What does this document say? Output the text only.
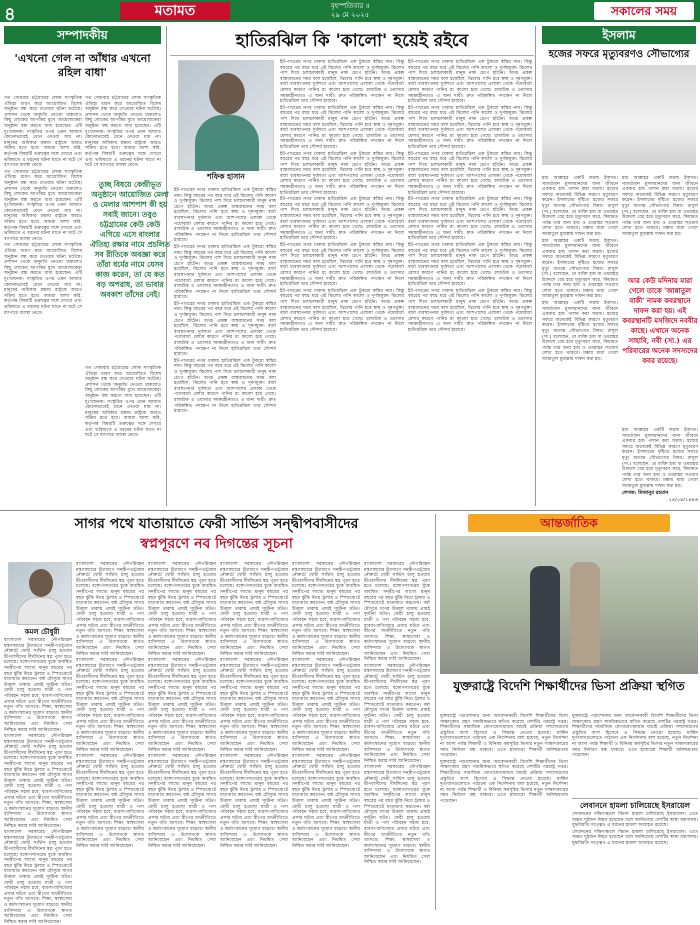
৪	মতামত	বৃহস্পতিবার ॥
২৯ মে ২০২৫	সকালের সময়
সম্পাদকীয়
'এখনো গেল না আঁধার এখনো রহিল বাধা'

গত সোমবার চট্টগ্রামের লোক সাংস্কৃতিক ঐতিহ্য ধারণ করে আয়োজিত বিশেষ অনুষ্ঠান বন্ধ করে দেওয়ার ঘটনা ঘটেছে। প্রশাসন থেকে অনুমতি নেওয়া থাকলেও কিছু লোকের আপত্তির মুখে আয়োজকেরা অনুষ্ঠান বন্ধ করতে বাধ্য হয়েছেন। এটি দুঃখজনক। সংস্কৃতির ওপর এমন আঘাত কোনোভাবেই মেনে নেওয়া যায় না। মানুষের অধিকার রক্ষায় রাষ্ট্রকে আরও সক্রিয় হতে হবে। আমরা আশা করি, কর্তৃপক্ষ বিষয়টি গুরুত্বের সঙ্গে দেখবে এবং ভবিষ্যতে এ ধরনের ঘটনা যাতে না ঘটে সে ব্যাপারে ব্যবস্থা নেবে।

গত সোমবার চট্টগ্রামের লোক সাংস্কৃতিক ঐতিহ্য ধারণ করে আয়োজিত বিশেষ অনুষ্ঠান বন্ধ করে দেওয়ার ঘটনা ঘটেছে। প্রশাসন থেকে অনুমতি নেওয়া থাকলেও কিছু লোকের আপত্তির মুখে আয়োজকেরা অনুষ্ঠান বন্ধ করতে বাধ্য হয়েছেন। এটি দুঃখজনক। সংস্কৃতির ওপর এমন আঘাত কোনোভাবেই মেনে নেওয়া যায় না। মানুষের অধিকার রক্ষায় রাষ্ট্রকে আরও সক্রিয় হতে হবে। আমরা আশা করি, কর্তৃপক্ষ বিষয়টি গুরুত্বের সঙ্গে দেখবে এবং ভবিষ্যতে এ ধরনের ঘটনা যাতে না ঘটে সে ব্যাপারে ব্যবস্থা নেবে।

গত সোমবার চট্টগ্রামের লোক সাংস্কৃতিক ঐতিহ্য ধারণ করে আয়োজিত বিশেষ অনুষ্ঠান বন্ধ করে দেওয়ার ঘটনা ঘটেছে। প্রশাসন থেকে অনুমতি নেওয়া থাকলেও কিছু লোকের আপত্তির মুখে আয়োজকেরা অনুষ্ঠান বন্ধ করতে বাধ্য হয়েছেন। এটি দুঃখজনক। সংস্কৃতির ওপর এমন আঘাত কোনোভাবেই মেনে নেওয়া যায় না। মানুষের অধিকার রক্ষায় রাষ্ট্রকে আরও সক্রিয় হতে হবে। আমরা আশা করি, কর্তৃপক্ষ বিষয়টি গুরুত্বের সঙ্গে দেখবে এবং ভবিষ্যতে এ ধরনের ঘটনা যাতে না ঘটে সে ব্যাপারে ব্যবস্থা নেবে।

গত সোমবার চট্টগ্রামের লোক সাংস্কৃতিক ঐতিহ্য ধারণ করে আয়োজিত বিশেষ অনুষ্ঠান বন্ধ করে দেওয়ার ঘটনা ঘটেছে। প্রশাসন থেকে অনুমতি নেওয়া থাকলেও কিছু লোকের আপত্তির মুখে আয়োজকেরা অনুষ্ঠান বন্ধ করতে বাধ্য হয়েছেন। এটি দুঃখজনক। সংস্কৃতির ওপর এমন আঘাত কোনোভাবেই মেনে নেওয়া যায় না। মানুষের অধিকার রক্ষায় রাষ্ট্রকে আরও সক্রিয় হতে হবে। আমরা আশা করি, কর্তৃপক্ষ বিষয়টি গুরুত্বের সঙ্গে দেখবে এবং ভবিষ্যতে এ ধরনের ঘটনা যাতে না ঘটে সে ব্যাপারে ব্যবস্থা নেবে।

গত সোমবার চট্টগ্রামের লোক সাংস্কৃতিক ঐতিহ্য ধারণ করে আয়োজিত বিশেষ অনুষ্ঠান বন্ধ করে দেওয়ার ঘটনা ঘটেছে। প্রশাসন থেকে অনুমতি নেওয়া থাকলেও কিছু লোকের আপত্তির মুখে আয়োজকেরা অনুষ্ঠান বন্ধ করতে বাধ্য হয়েছেন। এটি দুঃখজনক। সংস্কৃতির ওপর এমন আঘাত কোনোভাবেই মেনে নেওয়া যায় না। মানুষের অধিকার রক্ষায় রাষ্ট্রকে আরও সক্রিয় হতে হবে। আমরা আশা করি, কর্তৃপক্ষ বিষয়টি গুরুত্বের সঙ্গে দেখবে এবং ভবিষ্যতে এ ধরনের ঘটনা যাতে না ঘটে সে ব্যাপারে ব্যবস্থা নেবে।

তুচ্ছ বিষয়ে কেন্দ্রীভূত অনুষ্ঠানে আয়োজিত মেলা ও মেলার আশপাশ কী হয় সবাই জানে। তবুও চট্টগ্রামের কেউ কেউ এগিয়ে এসে বাংলার ঐতিহ্য রক্ষার নামে প্রচলিত সব রীতিকে অবজ্ঞা করে তাঁরা ধর্মের নামে যেসব কাজ করেন, তা যে কত বড় অপরাধ, তা ভাবার অবকাশ তাঁদের নেই।
হাতিরঝিল কি 'কালো' হয়েই রইবে
শফিক হাসান

ইট-পাথরের নগর ঢাকায় হাতিরঝিল এক টুকরো স্বস্তির নাম। কিন্তু বছরের পর বছর ধরে এই ঝিলের পানি কালো ও দুর্গন্ধযুক্ত। ঝিলের পাশ দিয়ে চলাচলকারী মানুষ নাক চেপে হাঁটেন। অথচ প্রকল্প বাস্তবায়নের সময় বলা হয়েছিল, ঝিলের পানি হবে স্বচ্ছ ও দূষণমুক্ত। বর্জ্য ব্যবস্থাপনার দুর্বলতা এবং আশপাশের এলাকা থেকে পয়োবর্জ্য মেশার কারণে পানির রং কালো হয়ে গেছে। রাজউক ও ওয়াসার সমন্বয়হীনতাও এ জন্য দায়ী। দ্রুত পরিকল্পিত পদক্ষেপ না নিলে হাতিরঝিল তার সৌন্দর্য হারাবে।

ইট-পাথরের নগর ঢাকায় হাতিরঝিল এক টুকরো স্বস্তির নাম। কিন্তু বছরের পর বছর ধরে এই ঝিলের পানি কালো ও দুর্গন্ধযুক্ত। ঝিলের পাশ দিয়ে চলাচলকারী মানুষ নাক চেপে হাঁটেন। অথচ প্রকল্প বাস্তবায়নের সময় বলা হয়েছিল, ঝিলের পানি হবে স্বচ্ছ ও দূষণমুক্ত। বর্জ্য ব্যবস্থাপনার দুর্বলতা এবং আশপাশের এলাকা থেকে পয়োবর্জ্য মেশার কারণে পানির রং কালো হয়ে গেছে। রাজউক ও ওয়াসার সমন্বয়হীনতাও এ জন্য দায়ী। দ্রুত পরিকল্পিত পদক্ষেপ না নিলে হাতিরঝিল তার সৌন্দর্য হারাবে।

ইট-পাথরের নগর ঢাকায় হাতিরঝিল এক টুকরো স্বস্তির নাম। কিন্তু বছরের পর বছর ধরে এই ঝিলের পানি কালো ও দুর্গন্ধযুক্ত। ঝিলের পাশ দিয়ে চলাচলকারী মানুষ নাক চেপে হাঁটেন। অথচ প্রকল্প বাস্তবায়নের সময় বলা হয়েছিল, ঝিলের পানি হবে স্বচ্ছ ও দূষণমুক্ত। বর্জ্য ব্যবস্থাপনার দুর্বলতা এবং আশপাশের এলাকা থেকে পয়োবর্জ্য মেশার কারণে পানির রং কালো হয়ে গেছে। রাজউক ও ওয়াসার সমন্বয়হীনতাও এ জন্য দায়ী। দ্রুত পরিকল্পিত পদক্ষেপ না নিলে হাতিরঝিল তার সৌন্দর্য হারাবে।

ইট-পাথরের নগর ঢাকায় হাতিরঝিল এক টুকরো স্বস্তির নাম। কিন্তু বছরের পর বছর ধরে এই ঝিলের পানি কালো ও দুর্গন্ধযুক্ত। ঝিলের পাশ দিয়ে চলাচলকারী মানুষ নাক চেপে হাঁটেন। অথচ প্রকল্প বাস্তবায়নের সময় বলা হয়েছিল, ঝিলের পানি হবে স্বচ্ছ ও দূষণমুক্ত। বর্জ্য ব্যবস্থাপনার দুর্বলতা এবং আশপাশের এলাকা থেকে পয়োবর্জ্য মেশার কারণে পানির রং কালো হয়ে গেছে। রাজউক ও ওয়াসার সমন্বয়হীনতাও এ জন্য দায়ী। দ্রুত পরিকল্পিত পদক্ষেপ না নিলে হাতিরঝিল তার সৌন্দর্য হারাবে।

ইট-পাথরের নগর ঢাকায় হাতিরঝিল এক টুকরো স্বস্তির নাম। কিন্তু বছরের পর বছর ধরে এই ঝিলের পানি কালো ও দুর্গন্ধযুক্ত। ঝিলের পাশ দিয়ে চলাচলকারী মানুষ নাক চেপে হাঁটেন। অথচ প্রকল্প বাস্তবায়নের সময় বলা হয়েছিল, ঝিলের পানি হবে স্বচ্ছ ও দূষণমুক্ত। বর্জ্য ব্যবস্থাপনার দুর্বলতা এবং আশপাশের এলাকা থেকে পয়োবর্জ্য মেশার কারণে পানির রং কালো হয়ে গেছে। রাজউক ও ওয়াসার সমন্বয়হীনতাও এ জন্য দায়ী। দ্রুত পরিকল্পিত পদক্ষেপ না নিলে হাতিরঝিল তার সৌন্দর্য হারাবে।

ইট-পাথরের নগর ঢাকায় হাতিরঝিল এক টুকরো স্বস্তির নাম। কিন্তু বছরের পর বছর ধরে এই ঝিলের পানি কালো ও দুর্গন্ধযুক্ত। ঝিলের পাশ দিয়ে চলাচলকারী মানুষ নাক চেপে হাঁটেন। অথচ প্রকল্প বাস্তবায়নের সময় বলা হয়েছিল, ঝিলের পানি হবে স্বচ্ছ ও দূষণমুক্ত। বর্জ্য ব্যবস্থাপনার দুর্বলতা এবং আশপাশের এলাকা থেকে পয়োবর্জ্য মেশার কারণে পানির রং কালো হয়ে গেছে। রাজউক ও ওয়াসার সমন্বয়হীনতাও এ জন্য দায়ী। দ্রুত পরিকল্পিত পদক্ষেপ না নিলে হাতিরঝিল তার সৌন্দর্য হারাবে।

ইট-পাথরের নগর ঢাকায় হাতিরঝিল এক টুকরো স্বস্তির নাম। কিন্তু বছরের পর বছর ধরে এই ঝিলের পানি কালো ও দুর্গন্ধযুক্ত। ঝিলের পাশ দিয়ে চলাচলকারী মানুষ নাক চেপে হাঁটেন। অথচ প্রকল্প বাস্তবায়নের সময় বলা হয়েছিল, ঝিলের পানি হবে স্বচ্ছ ও দূষণমুক্ত। বর্জ্য ব্যবস্থাপনার দুর্বলতা এবং আশপাশের এলাকা থেকে পয়োবর্জ্য মেশার কারণে পানির রং কালো হয়ে গেছে। রাজউক ও ওয়াসার সমন্বয়হীনতাও এ জন্য দায়ী। দ্রুত পরিকল্পিত পদক্ষেপ না নিলে হাতিরঝিল তার সৌন্দর্য হারাবে।

ইট-পাথরের নগর ঢাকায় হাতিরঝিল এক টুকরো স্বস্তির নাম। কিন্তু বছরের পর বছর ধরে এই ঝিলের পানি কালো ও দুর্গন্ধযুক্ত। ঝিলের পাশ দিয়ে চলাচলকারী মানুষ নাক চেপে হাঁটেন। অথচ প্রকল্প বাস্তবায়নের সময় বলা হয়েছিল, ঝিলের পানি হবে স্বচ্ছ ও দূষণমুক্ত। বর্জ্য ব্যবস্থাপনার দুর্বলতা এবং আশপাশের এলাকা থেকে পয়োবর্জ্য মেশার কারণে পানির রং কালো হয়ে গেছে। রাজউক ও ওয়াসার সমন্বয়হীনতাও এ জন্য দায়ী। দ্রুত পরিকল্পিত পদক্ষেপ না নিলে হাতিরঝিল তার সৌন্দর্য হারাবে।

ইট-পাথরের নগর ঢাকায় হাতিরঝিল এক টুকরো স্বস্তির নাম। কিন্তু বছরের পর বছর ধরে এই ঝিলের পানি কালো ও দুর্গন্ধযুক্ত। ঝিলের পাশ দিয়ে চলাচলকারী মানুষ নাক চেপে হাঁটেন। অথচ প্রকল্প বাস্তবায়নের সময় বলা হয়েছিল, ঝিলের পানি হবে স্বচ্ছ ও দূষণমুক্ত। বর্জ্য ব্যবস্থাপনার দুর্বলতা এবং আশপাশের এলাকা থেকে পয়োবর্জ্য মেশার কারণে পানির রং কালো হয়ে গেছে। রাজউক ও ওয়াসার সমন্বয়হীনতাও এ জন্য দায়ী। দ্রুত পরিকল্পিত পদক্ষেপ না নিলে হাতিরঝিল তার সৌন্দর্য হারাবে।

ইট-পাথরের নগর ঢাকায় হাতিরঝিল এক টুকরো স্বস্তির নাম। কিন্তু বছরের পর বছর ধরে এই ঝিলের পানি কালো ও দুর্গন্ধযুক্ত। ঝিলের পাশ দিয়ে চলাচলকারী মানুষ নাক চেপে হাঁটেন। অথচ প্রকল্প বাস্তবায়নের সময় বলা হয়েছিল, ঝিলের পানি হবে স্বচ্ছ ও দূষণমুক্ত। বর্জ্য ব্যবস্থাপনার দুর্বলতা এবং আশপাশের এলাকা থেকে পয়োবর্জ্য মেশার কারণে পানির রং কালো হয়ে গেছে। রাজউক ও ওয়াসার সমন্বয়হীনতাও এ জন্য দায়ী। দ্রুত পরিকল্পিত পদক্ষেপ না নিলে হাতিরঝিল তার সৌন্দর্য হারাবে।

ইট-পাথরের নগর ঢাকায় হাতিরঝিল এক টুকরো স্বস্তির নাম। কিন্তু বছরের পর বছর ধরে এই ঝিলের পানি কালো ও দুর্গন্ধযুক্ত। ঝিলের পাশ দিয়ে চলাচলকারী মানুষ নাক চেপে হাঁটেন। অথচ প্রকল্প বাস্তবায়নের সময় বলা হয়েছিল, ঝিলের পানি হবে স্বচ্ছ ও দূষণমুক্ত। বর্জ্য ব্যবস্থাপনার দুর্বলতা এবং আশপাশের এলাকা থেকে পয়োবর্জ্য মেশার কারণে পানির রং কালো হয়ে গেছে। রাজউক ও ওয়াসার সমন্বয়হীনতাও এ জন্য দায়ী। দ্রুত পরিকল্পিত পদক্ষেপ না নিলে হাতিরঝিল তার সৌন্দর্য হারাবে।

ইট-পাথরের নগর ঢাকায় হাতিরঝিল এক টুকরো স্বস্তির নাম। কিন্তু বছরের পর বছর ধরে এই ঝিলের পানি কালো ও দুর্গন্ধযুক্ত। ঝিলের পাশ দিয়ে চলাচলকারী মানুষ নাক চেপে হাঁটেন। অথচ প্রকল্প বাস্তবায়নের সময় বলা হয়েছিল, ঝিলের পানি হবে স্বচ্ছ ও দূষণমুক্ত। বর্জ্য ব্যবস্থাপনার দুর্বলতা এবং আশপাশের এলাকা থেকে পয়োবর্জ্য মেশার কারণে পানির রং কালো হয়ে গেছে। রাজউক ও ওয়াসার সমন্বয়হীনতাও এ জন্য দায়ী। দ্রুত পরিকল্পিত পদক্ষেপ না নিলে হাতিরঝিল তার সৌন্দর্য হারাবে।

ইট-পাথরের নগর ঢাকায় হাতিরঝিল এক টুকরো স্বস্তির নাম। কিন্তু বছরের পর বছর ধরে এই ঝিলের পানি কালো ও দুর্গন্ধযুক্ত। ঝিলের পাশ দিয়ে চলাচলকারী মানুষ নাক চেপে হাঁটেন। অথচ প্রকল্প বাস্তবায়নের সময় বলা হয়েছিল, ঝিলের পানি হবে স্বচ্ছ ও দূষণমুক্ত। বর্জ্য ব্যবস্থাপনার দুর্বলতা এবং আশপাশের এলাকা থেকে পয়োবর্জ্য মেশার কারণে পানির রং কালো হয়ে গেছে। রাজউক ও ওয়াসার সমন্বয়হীনতাও এ জন্য দায়ী। দ্রুত পরিকল্পিত পদক্ষেপ না নিলে হাতিরঝিল তার সৌন্দর্য হারাবে।

ইট-পাথরের নগর ঢাকায় হাতিরঝিল এক টুকরো স্বস্তির নাম। কিন্তু বছরের পর বছর ধরে এই ঝিলের পানি কালো ও দুর্গন্ধযুক্ত। ঝিলের পাশ দিয়ে চলাচলকারী মানুষ নাক চেপে হাঁটেন। অথচ প্রকল্প বাস্তবায়নের সময় বলা হয়েছিল, ঝিলের পানি হবে স্বচ্ছ ও দূষণমুক্ত। বর্জ্য ব্যবস্থাপনার দুর্বলতা এবং আশপাশের এলাকা থেকে পয়োবর্জ্য মেশার কারণে পানির রং কালো হয়ে গেছে। রাজউক ও ওয়াসার সমন্বয়হীনতাও এ জন্য দায়ী। দ্রুত পরিকল্পিত পদক্ষেপ না নিলে হাতিরঝিল তার সৌন্দর্য হারাবে।

ইট-পাথরের নগর ঢাকায় হাতিরঝিল এক টুকরো স্বস্তির নাম। কিন্তু বছরের পর বছর ধরে এই ঝিলের পানি কালো ও দুর্গন্ধযুক্ত। ঝিলের পাশ দিয়ে চলাচলকারী মানুষ নাক চেপে হাঁটেন। অথচ প্রকল্প বাস্তবায়নের সময় বলা হয়েছিল, ঝিলের পানি হবে স্বচ্ছ ও দূষণমুক্ত। বর্জ্য ব্যবস্থাপনার দুর্বলতা এবং আশপাশের এলাকা থেকে পয়োবর্জ্য মেশার কারণে পানির রং কালো হয়ে গেছে। রাজউক ও ওয়াসার সমন্বয়হীনতাও এ জন্য দায়ী। দ্রুত পরিকল্পিত পদক্ষেপ না নিলে হাতিরঝিল তার সৌন্দর্য হারাবে।

ইট-পাথরের নগর ঢাকায় হাতিরঝিল এক টুকরো স্বস্তির নাম। কিন্তু বছরের পর বছর ধরে এই ঝিলের পানি কালো ও দুর্গন্ধযুক্ত। ঝিলের পাশ দিয়ে চলাচলকারী মানুষ নাক চেপে হাঁটেন। অথচ প্রকল্প বাস্তবায়নের সময় বলা হয়েছিল, ঝিলের পানি হবে স্বচ্ছ ও দূষণমুক্ত। বর্জ্য ব্যবস্থাপনার দুর্বলতা এবং আশপাশের এলাকা থেকে পয়োবর্জ্য মেশার কারণে পানির রং কালো হয়ে গেছে। রাজউক ও ওয়াসার সমন্বয়হীনতাও এ জন্য দায়ী। দ্রুত পরিকল্পিত পদক্ষেপ না নিলে হাতিরঝিল তার সৌন্দর্য হারাবে।

ইসলাম
হজের সফরে মৃত্যুবরণও সৌভাগ্যের

হজ আল্লাহর একটি ফরজ ইবাদত। সামর্থ্যবান মুসলমানদের জন্য জীবনে একবার হজ পালন করা ফরজ। হজের সফরে অনেকেই বিভিন্ন কারণে মৃত্যুবরণ করেন। ইসলামের দৃষ্টিতে হজের সফরে মৃত্যু অত্যন্ত সৌভাগ্যের বিষয়। রাসুল (সা.) বলেছেন, যে ব্যক্তি হজ বা ওমরাহর উদ্দেশে বের হয়ে মৃত্যুবরণ করে, কিয়ামত পর্যন্ত তার জন্য হজ ও ওমরাহর সওয়াব লেখা হতে থাকবে। মক্কায় মারা গেলে জান্নাতুল মুয়াল্লায় দাফন করা হয়।

হজ আল্লাহর একটি ফরজ ইবাদত। সামর্থ্যবান মুসলমানদের জন্য জীবনে একবার হজ পালন করা ফরজ। হজের সফরে অনেকেই বিভিন্ন কারণে মৃত্যুবরণ করেন। ইসলামের দৃষ্টিতে হজের সফরে মৃত্যু অত্যন্ত সৌভাগ্যের বিষয়। রাসুল (সা.) বলেছেন, যে ব্যক্তি হজ বা ওমরাহর উদ্দেশে বের হয়ে মৃত্যুবরণ করে, কিয়ামত পর্যন্ত তার জন্য হজ ও ওমরাহর সওয়াব লেখা হতে থাকবে। মক্কায় মারা গেলে জান্নাতুল মুয়াল্লায় দাফন করা হয়।

হজ আল্লাহর একটি ফরজ ইবাদত। সামর্থ্যবান মুসলমানদের জন্য জীবনে একবার হজ পালন করা ফরজ। হজের সফরে অনেকেই বিভিন্ন কারণে মৃত্যুবরণ করেন। ইসলামের দৃষ্টিতে হজের সফরে মৃত্যু অত্যন্ত সৌভাগ্যের বিষয়। রাসুল (সা.) বলেছেন, যে ব্যক্তি হজ বা ওমরাহর উদ্দেশে বের হয়ে মৃত্যুবরণ করে, কিয়ামত পর্যন্ত তার জন্য হজ ও ওমরাহর সওয়াব লেখা হতে থাকবে। মক্কায় মারা গেলে জান্নাতুল মুয়াল্লায় দাফন করা হয়।

আর কেউ মদিনায় মারা গেলে তাকে 'জান্নাতুল বাকী' নামক কবরস্থানে দাফন করা হয়। এই কবরস্থানটি মসজিদে নববীর কাছে। এখানে অনেক সাহাবি, নবী (সা.) এর পরিবারের অনেক সদস্যদের কবর রয়েছে।

হজ আল্লাহর একটি ফরজ ইবাদত। সামর্থ্যবান মুসলমানদের জন্য জীবনে একবার হজ পালন করা ফরজ। হজের সফরে অনেকেই বিভিন্ন কারণে মৃত্যুবরণ করেন। ইসলামের দৃষ্টিতে হজের সফরে মৃত্যু অত্যন্ত সৌভাগ্যের বিষয়। রাসুল (সা.) বলেছেন, যে ব্যক্তি হজ বা ওমরাহর উদ্দেশে বের হয়ে মৃত্যুবরণ করে, কিয়ামত পর্যন্ত তার জন্য হজ ও ওমরাহর সওয়াব লেখা হতে থাকবে। মক্কায় মারা গেলে জান্নাতুল মুয়াল্লায় দাফন করা হয়।

হজ আল্লাহর একটি ফরজ ইবাদত। সামর্থ্যবান মুসলমানদের জন্য জীবনে একবার হজ পালন করা ফরজ। হজের সফরে অনেকেই বিভিন্ন কারণে মৃত্যুবরণ করেন। ইসলামের দৃষ্টিতে হজের সফরে মৃত্যু অত্যন্ত সৌভাগ্যের বিষয়। রাসুল (সা.) বলেছেন, যে ব্যক্তি হজ বা ওমরাহর উদ্দেশে বের হয়ে মৃত্যুবরণ করে, কিয়ামত পর্যন্ত তার জন্য হজ ও ওমরাহর সওয়াব লেখা হতে থাকবে। মক্কায় মারা গেলে জান্নাতুল মুয়াল্লায় দাফন করা হয়।

লেখক: মিজানুর রহমান
২৪/০৪/১৪৪৬
সাগর পথে যাতায়াতে ফেরী সার্ভিস সন্দ্বীপবাসীদের
স্বপ্নপূরণে নব দিগন্তের সূচনা
কমল চৌধুরী

বাংলাদেশ সরকারের নৌপরিবহন মন্ত্রণালয়ের উদ্যোগে সন্দ্বীপ-চট্টগ্রাম নৌরুটে ফেরী সার্ভিস চালু হওয়ায় দ্বীপবাসীদের দীর্ঘদিনের স্বপ্ন পূরণ হতে চলেছে। বঙ্গোপসাগরের বুকে অবস্থিত সন্দ্বীপের লাখো মানুষ বছরের পর বছর ঝুঁকি নিয়ে ট্রলার ও স্পিডবোটে যাতায়াত করতেন। বর্ষা মৌসুমে সাগর উত্তাল থাকায় প্রায়ই দুর্ঘটনা ঘটত। ফেরী চালু হওয়ায় যাত্রী ও পণ্য পরিবহন সহজ হবে, ব্যবসা-বাণিজ্যের প্রসার ঘটবে এবং দ্বীপের অর্থনীতিতে নতুন গতি আসবে। শিক্ষা, স্বাস্থ্যসেবা ও কর্মসংস্থানের সুযোগ বাড়বে। স্থানীয় বাসিন্দারা এ উদ্যোগকে স্বাগত জানিয়েছেন এবং নিয়মিত সেবা নিশ্চিত করার দাবি জানিয়েছেন।

বাংলাদেশ সরকারের নৌপরিবহন মন্ত্রণালয়ের উদ্যোগে সন্দ্বীপ-চট্টগ্রাম নৌরুটে ফেরী সার্ভিস চালু হওয়ায় দ্বীপবাসীদের দীর্ঘদিনের স্বপ্ন পূরণ হতে চলেছে। বঙ্গোপসাগরের বুকে অবস্থিত সন্দ্বীপের লাখো মানুষ বছরের পর বছর ঝুঁকি নিয়ে ট্রলার ও স্পিডবোটে যাতায়াত করতেন। বর্ষা মৌসুমে সাগর উত্তাল থাকায় প্রায়ই দুর্ঘটনা ঘটত। ফেরী চালু হওয়ায় যাত্রী ও পণ্য পরিবহন সহজ হবে, ব্যবসা-বাণিজ্যের প্রসার ঘটবে এবং দ্বীপের অর্থনীতিতে নতুন গতি আসবে। শিক্ষা, স্বাস্থ্যসেবা ও কর্মসংস্থানের সুযোগ বাড়বে। স্থানীয় বাসিন্দারা এ উদ্যোগকে স্বাগত জানিয়েছেন এবং নিয়মিত সেবা নিশ্চিত করার দাবি জানিয়েছেন।

বাংলাদেশ সরকারের নৌপরিবহন মন্ত্রণালয়ের উদ্যোগে সন্দ্বীপ-চট্টগ্রাম নৌরুটে ফেরী সার্ভিস চালু হওয়ায় দ্বীপবাসীদের দীর্ঘদিনের স্বপ্ন পূরণ হতে চলেছে। বঙ্গোপসাগরের বুকে অবস্থিত সন্দ্বীপের লাখো মানুষ বছরের পর বছর ঝুঁকি নিয়ে ট্রলার ও স্পিডবোটে যাতায়াত করতেন। বর্ষা মৌসুমে সাগর উত্তাল থাকায় প্রায়ই দুর্ঘটনা ঘটত। ফেরী চালু হওয়ায় যাত্রী ও পণ্য পরিবহন সহজ হবে, ব্যবসা-বাণিজ্যের প্রসার ঘটবে এবং দ্বীপের অর্থনীতিতে নতুন গতি আসবে। শিক্ষা, স্বাস্থ্যসেবা ও কর্মসংস্থানের সুযোগ বাড়বে। স্থানীয় বাসিন্দারা এ উদ্যোগকে স্বাগত জানিয়েছেন এবং নিয়মিত সেবা নিশ্চিত করার দাবি জানিয়েছেন।

বাংলাদেশ সরকারের নৌপরিবহন মন্ত্রণালয়ের উদ্যোগে সন্দ্বীপ-চট্টগ্রাম নৌরুটে ফেরী সার্ভিস চালু হওয়ায় দ্বীপবাসীদের দীর্ঘদিনের স্বপ্ন পূরণ হতে চলেছে। বঙ্গোপসাগরের বুকে অবস্থিত সন্দ্বীপের লাখো মানুষ বছরের পর বছর ঝুঁকি নিয়ে ট্রলার ও স্পিডবোটে যাতায়াত করতেন। বর্ষা মৌসুমে সাগর উত্তাল থাকায় প্রায়ই দুর্ঘটনা ঘটত। ফেরী চালু হওয়ায় যাত্রী ও পণ্য পরিবহন সহজ হবে, ব্যবসা-বাণিজ্যের প্রসার ঘটবে এবং দ্বীপের অর্থনীতিতে নতুন গতি আসবে। শিক্ষা, স্বাস্থ্যসেবা ও কর্মসংস্থানের সুযোগ বাড়বে। স্থানীয় বাসিন্দারা এ উদ্যোগকে স্বাগত জানিয়েছেন এবং নিয়মিত সেবা নিশ্চিত করার দাবি জানিয়েছেন।

বাংলাদেশ সরকারের নৌপরিবহন মন্ত্রণালয়ের উদ্যোগে সন্দ্বীপ-চট্টগ্রাম নৌরুটে ফেরী সার্ভিস চালু হওয়ায় দ্বীপবাসীদের দীর্ঘদিনের স্বপ্ন পূরণ হতে চলেছে। বঙ্গোপসাগরের বুকে অবস্থিত সন্দ্বীপের লাখো মানুষ বছরের পর বছর ঝুঁকি নিয়ে ট্রলার ও স্পিডবোটে যাতায়াত করতেন। বর্ষা মৌসুমে সাগর উত্তাল থাকায় প্রায়ই দুর্ঘটনা ঘটত। ফেরী চালু হওয়ায় যাত্রী ও পণ্য পরিবহন সহজ হবে, ব্যবসা-বাণিজ্যের প্রসার ঘটবে এবং দ্বীপের অর্থনীতিতে নতুন গতি আসবে। শিক্ষা, স্বাস্থ্যসেবা ও কর্মসংস্থানের সুযোগ বাড়বে। স্থানীয় বাসিন্দারা এ উদ্যোগকে স্বাগত জানিয়েছেন এবং নিয়মিত সেবা নিশ্চিত করার দাবি জানিয়েছেন।

বাংলাদেশ সরকারের নৌপরিবহন মন্ত্রণালয়ের উদ্যোগে সন্দ্বীপ-চট্টগ্রাম নৌরুটে ফেরী সার্ভিস চালু হওয়ায় দ্বীপবাসীদের দীর্ঘদিনের স্বপ্ন পূরণ হতে চলেছে। বঙ্গোপসাগরের বুকে অবস্থিত সন্দ্বীপের লাখো মানুষ বছরের পর বছর ঝুঁকি নিয়ে ট্রলার ও স্পিডবোটে যাতায়াত করতেন। বর্ষা মৌসুমে সাগর উত্তাল থাকায় প্রায়ই দুর্ঘটনা ঘটত। ফেরী চালু হওয়ায় যাত্রী ও পণ্য পরিবহন সহজ হবে, ব্যবসা-বাণিজ্যের প্রসার ঘটবে এবং দ্বীপের অর্থনীতিতে নতুন গতি আসবে। শিক্ষা, স্বাস্থ্যসেবা ও কর্মসংস্থানের সুযোগ বাড়বে। স্থানীয় বাসিন্দারা এ উদ্যোগকে স্বাগত জানিয়েছেন এবং নিয়মিত সেবা নিশ্চিত করার দাবি জানিয়েছেন।

বাংলাদেশ সরকারের নৌপরিবহন মন্ত্রণালয়ের উদ্যোগে সন্দ্বীপ-চট্টগ্রাম নৌরুটে ফেরী সার্ভিস চালু হওয়ায় দ্বীপবাসীদের দীর্ঘদিনের স্বপ্ন পূরণ হতে চলেছে। বঙ্গোপসাগরের বুকে অবস্থিত সন্দ্বীপের লাখো মানুষ বছরের পর বছর ঝুঁকি নিয়ে ট্রলার ও স্পিডবোটে যাতায়াত করতেন। বর্ষা মৌসুমে সাগর উত্তাল থাকায় প্রায়ই দুর্ঘটনা ঘটত। ফেরী চালু হওয়ায় যাত্রী ও পণ্য পরিবহন সহজ হবে, ব্যবসা-বাণিজ্যের প্রসার ঘটবে এবং দ্বীপের অর্থনীতিতে নতুন গতি আসবে। শিক্ষা, স্বাস্থ্যসেবা ও কর্মসংস্থানের সুযোগ বাড়বে। স্থানীয় বাসিন্দারা এ উদ্যোগকে স্বাগত জানিয়েছেন এবং নিয়মিত সেবা নিশ্চিত করার দাবি জানিয়েছেন।

বাংলাদেশ সরকারের নৌপরিবহন মন্ত্রণালয়ের উদ্যোগে সন্দ্বীপ-চট্টগ্রাম নৌরুটে ফেরী সার্ভিস চালু হওয়ায় দ্বীপবাসীদের দীর্ঘদিনের স্বপ্ন পূরণ হতে চলেছে। বঙ্গোপসাগরের বুকে অবস্থিত সন্দ্বীপের লাখো মানুষ বছরের পর বছর ঝুঁকি নিয়ে ট্রলার ও স্পিডবোটে যাতায়াত করতেন। বর্ষা মৌসুমে সাগর উত্তাল থাকায় প্রায়ই দুর্ঘটনা ঘটত। ফেরী চালু হওয়ায় যাত্রী ও পণ্য পরিবহন সহজ হবে, ব্যবসা-বাণিজ্যের প্রসার ঘটবে এবং দ্বীপের অর্থনীতিতে নতুন গতি আসবে। শিক্ষা, স্বাস্থ্যসেবা ও কর্মসংস্থানের সুযোগ বাড়বে। স্থানীয় বাসিন্দারা এ উদ্যোগকে স্বাগত জানিয়েছেন এবং নিয়মিত সেবা নিশ্চিত করার দাবি জানিয়েছেন।

বাংলাদেশ সরকারের নৌপরিবহন মন্ত্রণালয়ের উদ্যোগে সন্দ্বীপ-চট্টগ্রাম নৌরুটে ফেরী সার্ভিস চালু হওয়ায় দ্বীপবাসীদের দীর্ঘদিনের স্বপ্ন পূরণ হতে চলেছে। বঙ্গোপসাগরের বুকে অবস্থিত সন্দ্বীপের লাখো মানুষ বছরের পর বছর ঝুঁকি নিয়ে ট্রলার ও স্পিডবোটে যাতায়াত করতেন। বর্ষা মৌসুমে সাগর উত্তাল থাকায় প্রায়ই দুর্ঘটনা ঘটত। ফেরী চালু হওয়ায় যাত্রী ও পণ্য পরিবহন সহজ হবে, ব্যবসা-বাণিজ্যের প্রসার ঘটবে এবং দ্বীপের অর্থনীতিতে নতুন গতি আসবে। শিক্ষা, স্বাস্থ্যসেবা ও কর্মসংস্থানের সুযোগ বাড়বে। স্থানীয় বাসিন্দারা এ উদ্যোগকে স্বাগত জানিয়েছেন এবং নিয়মিত সেবা নিশ্চিত করার দাবি জানিয়েছেন।

বাংলাদেশ সরকারের নৌপরিবহন মন্ত্রণালয়ের উদ্যোগে সন্দ্বীপ-চট্টগ্রাম নৌরুটে ফেরী সার্ভিস চালু হওয়ায় দ্বীপবাসীদের দীর্ঘদিনের স্বপ্ন পূরণ হতে চলেছে। বঙ্গোপসাগরের বুকে অবস্থিত সন্দ্বীপের লাখো মানুষ বছরের পর বছর ঝুঁকি নিয়ে ট্রলার ও স্পিডবোটে যাতায়াত করতেন। বর্ষা মৌসুমে সাগর উত্তাল থাকায় প্রায়ই দুর্ঘটনা ঘটত। ফেরী চালু হওয়ায় যাত্রী ও পণ্য পরিবহন সহজ হবে, ব্যবসা-বাণিজ্যের প্রসার ঘটবে এবং দ্বীপের অর্থনীতিতে নতুন গতি আসবে। শিক্ষা, স্বাস্থ্যসেবা ও কর্মসংস্থানের সুযোগ বাড়বে। স্থানীয় বাসিন্দারা এ উদ্যোগকে স্বাগত জানিয়েছেন এবং নিয়মিত সেবা নিশ্চিত করার দাবি জানিয়েছেন।

বাংলাদেশ সরকারের নৌপরিবহন মন্ত্রণালয়ের উদ্যোগে সন্দ্বীপ-চট্টগ্রাম নৌরুটে ফেরী সার্ভিস চালু হওয়ায় দ্বীপবাসীদের দীর্ঘদিনের স্বপ্ন পূরণ হতে চলেছে। বঙ্গোপসাগরের বুকে অবস্থিত সন্দ্বীপের লাখো মানুষ বছরের পর বছর ঝুঁকি নিয়ে ট্রলার ও স্পিডবোটে যাতায়াত করতেন। বর্ষা মৌসুমে সাগর উত্তাল থাকায় প্রায়ই দুর্ঘটনা ঘটত। ফেরী চালু হওয়ায় যাত্রী ও পণ্য পরিবহন সহজ হবে, ব্যবসা-বাণিজ্যের প্রসার ঘটবে এবং দ্বীপের অর্থনীতিতে নতুন গতি আসবে। শিক্ষা, স্বাস্থ্যসেবা ও কর্মসংস্থানের সুযোগ বাড়বে। স্থানীয় বাসিন্দারা এ উদ্যোগকে স্বাগত জানিয়েছেন এবং নিয়মিত সেবা নিশ্চিত করার দাবি জানিয়েছেন।

বাংলাদেশ সরকারের নৌপরিবহন মন্ত্রণালয়ের উদ্যোগে সন্দ্বীপ-চট্টগ্রাম নৌরুটে ফেরী সার্ভিস চালু হওয়ায় দ্বীপবাসীদের দীর্ঘদিনের স্বপ্ন পূরণ হতে চলেছে। বঙ্গোপসাগরের বুকে অবস্থিত সন্দ্বীপের লাখো মানুষ বছরের পর বছর ঝুঁকি নিয়ে ট্রলার ও স্পিডবোটে যাতায়াত করতেন। বর্ষা মৌসুমে সাগর উত্তাল থাকায় প্রায়ই দুর্ঘটনা ঘটত। ফেরী চালু হওয়ায় যাত্রী ও পণ্য পরিবহন সহজ হবে, ব্যবসা-বাণিজ্যের প্রসার ঘটবে এবং দ্বীপের অর্থনীতিতে নতুন গতি আসবে। শিক্ষা, স্বাস্থ্যসেবা ও কর্মসংস্থানের সুযোগ বাড়বে। স্থানীয় বাসিন্দারা এ উদ্যোগকে স্বাগত জানিয়েছেন এবং নিয়মিত সেবা নিশ্চিত করার দাবি জানিয়েছেন।

বাংলাদেশ সরকারের নৌপরিবহন মন্ত্রণালয়ের উদ্যোগে সন্দ্বীপ-চট্টগ্রাম নৌরুটে ফেরী সার্ভিস চালু হওয়ায় দ্বীপবাসীদের দীর্ঘদিনের স্বপ্ন পূরণ হতে চলেছে। বঙ্গোপসাগরের বুকে অবস্থিত সন্দ্বীপের লাখো মানুষ বছরের পর বছর ঝুঁকি নিয়ে ট্রলার ও স্পিডবোটে যাতায়াত করতেন। বর্ষা মৌসুমে সাগর উত্তাল থাকায় প্রায়ই দুর্ঘটনা ঘটত। ফেরী চালু হওয়ায় যাত্রী ও পণ্য পরিবহন সহজ হবে, ব্যবসা-বাণিজ্যের প্রসার ঘটবে এবং দ্বীপের অর্থনীতিতে নতুন গতি আসবে। শিক্ষা, স্বাস্থ্যসেবা ও কর্মসংস্থানের সুযোগ বাড়বে। স্থানীয় বাসিন্দারা এ উদ্যোগকে স্বাগত জানিয়েছেন এবং নিয়মিত সেবা নিশ্চিত করার দাবি জানিয়েছেন।

বাংলাদেশ সরকারের নৌপরিবহন মন্ত্রণালয়ের উদ্যোগে সন্দ্বীপ-চট্টগ্রাম নৌরুটে ফেরী সার্ভিস চালু হওয়ায় দ্বীপবাসীদের দীর্ঘদিনের স্বপ্ন পূরণ হতে চলেছে। বঙ্গোপসাগরের বুকে অবস্থিত সন্দ্বীপের লাখো মানুষ বছরের পর বছর ঝুঁকি নিয়ে ট্রলার ও স্পিডবোটে যাতায়াত করতেন। বর্ষা মৌসুমে সাগর উত্তাল থাকায় প্রায়ই দুর্ঘটনা ঘটত। ফেরী চালু হওয়ায় যাত্রী ও পণ্য পরিবহন সহজ হবে, ব্যবসা-বাণিজ্যের প্রসার ঘটবে এবং দ্বীপের অর্থনীতিতে নতুন গতি আসবে। শিক্ষা, স্বাস্থ্যসেবা ও কর্মসংস্থানের সুযোগ বাড়বে। স্থানীয় বাসিন্দারা এ উদ্যোগকে স্বাগত জানিয়েছেন এবং নিয়মিত সেবা নিশ্চিত করার দাবি জানিয়েছেন।

বাংলাদেশ সরকারের নৌপরিবহন মন্ত্রণালয়ের উদ্যোগে সন্দ্বীপ-চট্টগ্রাম নৌরুটে ফেরী সার্ভিস চালু হওয়ায় দ্বীপবাসীদের দীর্ঘদিনের স্বপ্ন পূরণ হতে চলেছে। বঙ্গোপসাগরের বুকে অবস্থিত সন্দ্বীপের লাখো মানুষ বছরের পর বছর ঝুঁকি নিয়ে ট্রলার ও স্পিডবোটে যাতায়াত করতেন। বর্ষা মৌসুমে সাগর উত্তাল থাকায় প্রায়ই দুর্ঘটনা ঘটত। ফেরী চালু হওয়ায় যাত্রী ও পণ্য পরিবহন সহজ হবে, ব্যবসা-বাণিজ্যের প্রসার ঘটবে এবং দ্বীপের অর্থনীতিতে নতুন গতি আসবে। শিক্ষা, স্বাস্থ্যসেবা ও কর্মসংস্থানের সুযোগ বাড়বে। স্থানীয় বাসিন্দারা এ উদ্যোগকে স্বাগত জানিয়েছেন এবং নিয়মিত সেবা নিশ্চিত করার দাবি জানিয়েছেন।

বাংলাদেশ সরকারের নৌপরিবহন মন্ত্রণালয়ের উদ্যোগে সন্দ্বীপ-চট্টগ্রাম নৌরুটে ফেরী সার্ভিস চালু হওয়ায় দ্বীপবাসীদের দীর্ঘদিনের স্বপ্ন পূরণ হতে চলেছে। বঙ্গোপসাগরের বুকে অবস্থিত সন্দ্বীপের লাখো মানুষ বছরের পর বছর ঝুঁকি নিয়ে ট্রলার ও স্পিডবোটে যাতায়াত করতেন। বর্ষা মৌসুমে সাগর উত্তাল থাকায় প্রায়ই দুর্ঘটনা ঘটত। ফেরী চালু হওয়ায় যাত্রী ও পণ্য পরিবহন সহজ হবে, ব্যবসা-বাণিজ্যের প্রসার ঘটবে এবং দ্বীপের অর্থনীতিতে নতুন গতি আসবে। শিক্ষা, স্বাস্থ্যসেবা ও কর্মসংস্থানের সুযোগ বাড়বে। স্থানীয় বাসিন্দারা এ উদ্যোগকে স্বাগত জানিয়েছেন এবং নিয়মিত সেবা নিশ্চিত করার দাবি জানিয়েছেন।

বাংলাদেশ সরকারের নৌপরিবহন মন্ত্রণালয়ের উদ্যোগে সন্দ্বীপ-চট্টগ্রাম নৌরুটে ফেরী সার্ভিস চালু হওয়ায় দ্বীপবাসীদের দীর্ঘদিনের স্বপ্ন পূরণ হতে চলেছে। বঙ্গোপসাগরের বুকে অবস্থিত সন্দ্বীপের লাখো মানুষ বছরের পর বছর ঝুঁকি নিয়ে ট্রলার ও স্পিডবোটে যাতায়াত করতেন। বর্ষা মৌসুমে সাগর উত্তাল থাকায় প্রায়ই দুর্ঘটনা ঘটত। ফেরী চালু হওয়ায় যাত্রী ও পণ্য পরিবহন সহজ হবে, ব্যবসা-বাণিজ্যের প্রসার ঘটবে এবং দ্বীপের অর্থনীতিতে নতুন গতি আসবে। শিক্ষা, স্বাস্থ্যসেবা ও কর্মসংস্থানের সুযোগ বাড়বে। স্থানীয় বাসিন্দারা এ উদ্যোগকে স্বাগত জানিয়েছেন এবং নিয়মিত সেবা নিশ্চিত করার দাবি জানিয়েছেন।

বাংলাদেশ সরকারের নৌপরিবহন মন্ত্রণালয়ের উদ্যোগে সন্দ্বীপ-চট্টগ্রাম নৌরুটে ফেরী সার্ভিস চালু হওয়ায় দ্বীপবাসীদের দীর্ঘদিনের স্বপ্ন পূরণ হতে চলেছে। বঙ্গোপসাগরের বুকে অবস্থিত সন্দ্বীপের লাখো মানুষ বছরের পর বছর ঝুঁকি নিয়ে ট্রলার ও স্পিডবোটে যাতায়াত করতেন। বর্ষা মৌসুমে সাগর উত্তাল থাকায় প্রায়ই দুর্ঘটনা ঘটত। ফেরী চালু হওয়ায় যাত্রী ও পণ্য পরিবহন সহজ হবে, ব্যবসা-বাণিজ্যের প্রসার ঘটবে এবং দ্বীপের অর্থনীতিতে নতুন গতি আসবে। শিক্ষা, স্বাস্থ্যসেবা ও কর্মসংস্থানের সুযোগ বাড়বে। স্থানীয় বাসিন্দারা এ উদ্যোগকে স্বাগত জানিয়েছেন এবং নিয়মিত সেবা নিশ্চিত করার দাবি জানিয়েছেন।

আন্তর্জাতিক
যুক্তরাষ্ট্রে বিদেশি শিক্ষার্থীদের ভিসা প্রক্রিয়া স্থগিত

যুক্তরাষ্ট্রে পড়াশোনার জন্য আবেদনকারী বিদেশি শিক্ষার্থীদের ভিসা সাক্ষাৎকার গ্রহণ সাময়িকভাবে স্থগিত করেছে দেশটির পররাষ্ট্র দপ্তর। শিক্ষার্থীদের সামাজিক যোগাযোগমাধ্যম যাচাই প্রক্রিয়া সম্প্রসারণের প্রস্তুতির অংশ হিসেবে এ সিদ্ধান্ত নেওয়া হয়েছে। মার্কিন দূতাবাসগুলোতে পাঠানো এক নির্দেশনায় বলা হয়েছে, নতুন নির্দেশনা না আসা পর্যন্ত শিক্ষার্থী ও বিনিময় কর্মসূচির ভিসার নতুন সাক্ষাৎকারের সময় নির্ধারণ বন্ধ থাকবে। এতে হাজারো শিক্ষার্থী অনিশ্চয়তায় পড়েছেন।

যুক্তরাষ্ট্রে পড়াশোনার জন্য আবেদনকারী বিদেশি শিক্ষার্থীদের ভিসা সাক্ষাৎকার গ্রহণ সাময়িকভাবে স্থগিত করেছে দেশটির পররাষ্ট্র দপ্তর। শিক্ষার্থীদের সামাজিক যোগাযোগমাধ্যম যাচাই প্রক্রিয়া সম্প্রসারণের প্রস্তুতির অংশ হিসেবে এ সিদ্ধান্ত নেওয়া হয়েছে। মার্কিন দূতাবাসগুলোতে পাঠানো এক নির্দেশনায় বলা হয়েছে, নতুন নির্দেশনা না আসা পর্যন্ত শিক্ষার্থী ও বিনিময় কর্মসূচির ভিসার নতুন সাক্ষাৎকারের সময় নির্ধারণ বন্ধ থাকবে। এতে হাজারো শিক্ষার্থী অনিশ্চয়তায় পড়েছেন।

যুক্তরাষ্ট্রে পড়াশোনার জন্য আবেদনকারী বিদেশি শিক্ষার্থীদের ভিসা সাক্ষাৎকার গ্রহণ সাময়িকভাবে স্থগিত করেছে দেশটির পররাষ্ট্র দপ্তর। শিক্ষার্থীদের সামাজিক যোগাযোগমাধ্যম যাচাই প্রক্রিয়া সম্প্রসারণের প্রস্তুতির অংশ হিসেবে এ সিদ্ধান্ত নেওয়া হয়েছে। মার্কিন দূতাবাসগুলোতে পাঠানো এক নির্দেশনায় বলা হয়েছে, নতুন নির্দেশনা না আসা পর্যন্ত শিক্ষার্থী ও বিনিময় কর্মসূচির ভিসার নতুন সাক্ষাৎকারের সময় নির্ধারণ বন্ধ থাকবে। এতে হাজারো শিক্ষার্থী অনিশ্চয়তায় পড়েছেন।

লেবাননে হামলা চালিয়েছে ইসরায়েল

লেবাননের দক্ষিণাঞ্চলে বিমান হামলা চালিয়েছে ইসরায়েল। এতে অন্তত দুইজন নিহত হয়েছেন বলে জানিয়েছে দেশটির স্বাস্থ্য মন্ত্রণালয়। যুদ্ধবিরতি সত্ত্বেও এ ধরনের হামলা অব্যাহত রয়েছে।

লেবাননের দক্ষিণাঞ্চলে বিমান হামলা চালিয়েছে ইসরায়েল। এতে অন্তত দুইজন নিহত হয়েছেন বলে জানিয়েছে দেশটির স্বাস্থ্য মন্ত্রণালয়। যুদ্ধবিরতি সত্ত্বেও এ ধরনের হামলা অব্যাহত রয়েছে।
